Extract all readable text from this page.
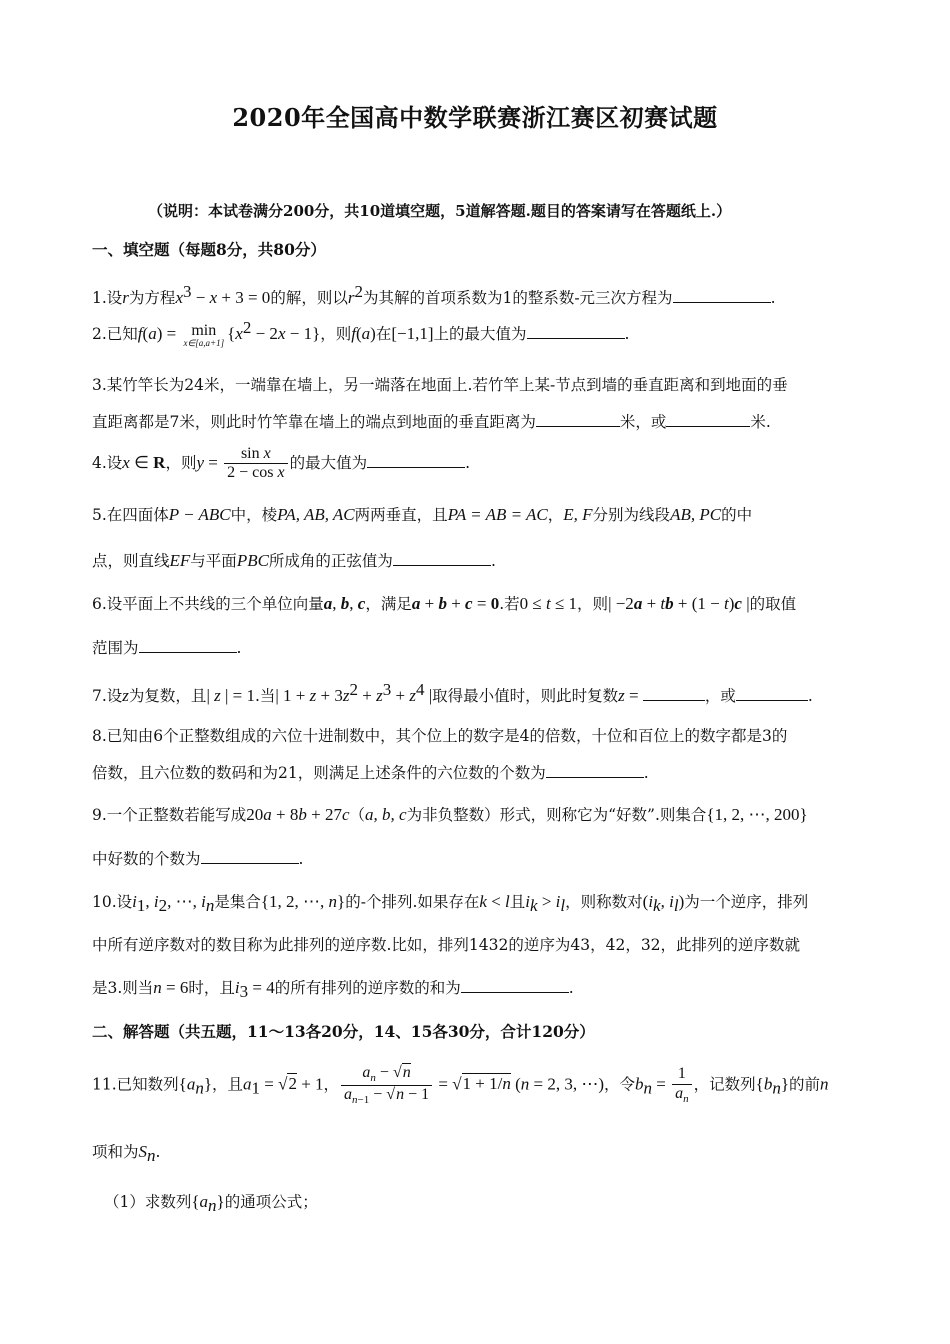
2020年全国高中数学联赛浙江赛区初赛试题
（说明：本试卷满分200分，共10道填空题，5道解答题.题目的答案请写在答题纸上.）
一、填空题（每题8分，共80分）
1.设r为方程$x^3 - x + 3 = 0$的解，则以$r^2$为其解的首项系数为1的整系数-元三次方程为	.
2.已知f(a) = min
x∈[a,a+1] $\{x^2 - 2x - 1\}$，则f(a)在[−1,1]上的最大值为	.
3.某竹竿长为24米，一端靠在墙上，另一端落在地面上.若竹竿上某-节点到墙的垂直距离和到地面的垂
直距离都是7米，则此时竹竿靠在墙上的端点到地面的垂直距离为	米，或	米.
4.设x ∈ R，则$y = \frac{\text{sin x}}{\text{2 − cos x}}$ 的最大值为	.
5.在四面体P − ABC中，棱PA, AB, AC两两垂直，且PA = AB = AC，E, F分别为线段AB, PC的中
点，则直线EF与平面PBC所成角的正弦值为	.
6.设平面上不共线的三个单位向量a, b, c，满足a + b + c = 0.若0 ≤ t ≤ 1，则| −2a + tb + (1 − t)c |的取值
范围为	.
7.设z为复数，且| z | = 1.当| $1 + z + 3z^2 + z^3 + z^4$ |取得最小值时，则此时复数z =	，或	.
8.已知由6个正整数组成的六位十进制数中，其个位上的数字是4的倍数，十位和百位上的数字都是3的
倍数，且六位数的数码和为21，则满足上述条件的六位数的个数为	.
9.一个正整数若能写成20a + 8b + 27c（a, b, c为非负整数）形式，则称它为“好数”.则集合{1, 2, ⋯, 200}
中好数的个数为	.
10.设$i_1$, $i_2$, ⋯, $i_n$是集合{1, 2, ⋯, n}的-个排列.如果存在k < l且$i_k > i_l$，则称数对($i_k$, $i_l$)为一个逆序，排列
中所有逆序数对的数目称为此排列的逆序数.比如，排列1432的逆序为43，42，32，此排列的逆序数就
是3.则当n = 6时，且$i_3 = 4$的所有排列的逆序数的和为	.
二、解答题（共五题，11～13各20分，14、15各30分，合计120分）
11.已知数列$\{a_n\}$，且$a_1 = √2 + 1$， $\frac{a_n - √n}{a_{n-1} - √n - 1} = √1 + 1/n$ (n = 2, 3, ⋯)，令$b_n = \frac{1}{a_n}$ ，记数列$\{b_n\}$的前n
项和为$S_n$.
（1）求数列$\{a_n\}$的通项公式；
